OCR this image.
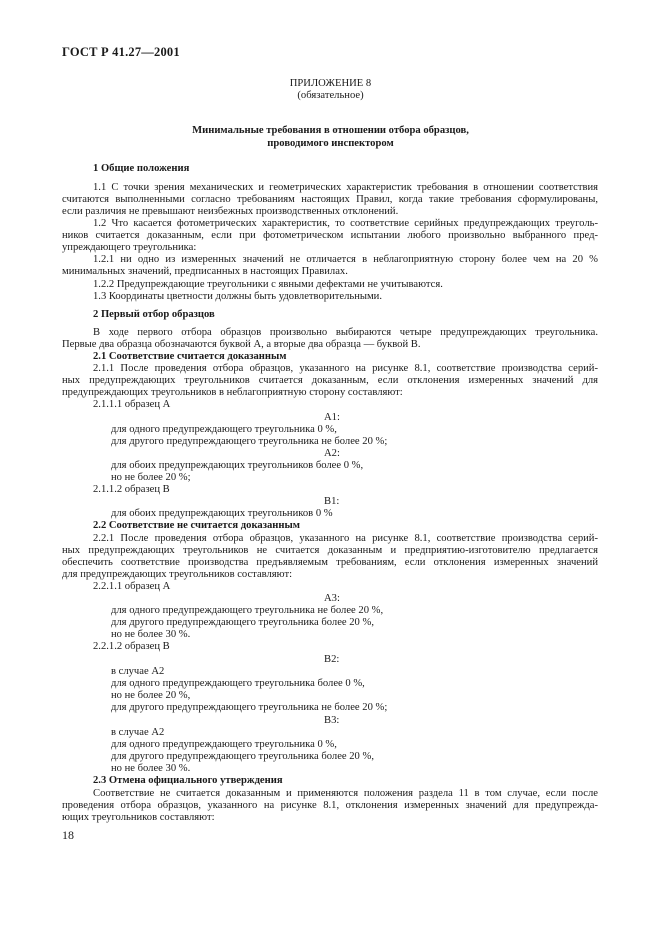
ГОСТ Р 41.27—2001
ПРИЛОЖЕНИЕ 8
(обязательное)
Минимальные требования в отношении отбора образцов,
проводимого инспектором
1 Общие положения
1.1 С точки зрения механических и геометрических характеристик требования в отношении соответствия
считаются выполненными согласно требованиям настоящих Правил, когда такие требования сформулированы,
если различия не превышают неизбежных производственных отклонений.
1.2 Что касается фотометрических характеристик, то соответствие серийных предупреждающих треуголь-
ников считается доказанным, если при фотометрическом испытании любого произвольно выбранного пред-
упреждающего треугольника:
1.2.1 ни одно из измеренных значений не отличается в неблагоприятную сторону более чем на 20 %
минимальных значений, предписанных в настоящих Правилах.
1.2.2 Предупреждающие треугольники с явными дефектами не учитываются.
1.3 Координаты цветности должны быть удовлетворительными.
2 Первый отбор образцов
В ходе первого отбора образцов произвольно выбираются четыре предупреждающих треугольника.
Первые два образца обозначаются буквой А, а вторые два образца — буквой В.
2.1 Соответствие считается доказанным
2.1.1 После проведения отбора образцов, указанного на рисунке 8.1, соответствие производства серий-
ных предупреждающих треугольников считается доказанным, если отклонения измеренных значений для
предупреждающих треугольников в неблагоприятную сторону составляют:
2.1.1.1 образец А
А1:
для одного предупреждающего треугольника 0 %,
для другого предупреждающего треугольника не более 20 %;
А2:
для обоих предупреждающих треугольников более 0 %,
но не более 20 %;
2.1.1.2 образец В
В1:
для обоих предупреждающих треугольников 0 %
2.2 Соответствие не считается доказанным
2.2.1 После проведения отбора образцов, указанного на рисунке 8.1, соответствие производства серий-
ных предупреждающих треугольников не считается доказанным и предприятию-изготовителю предлагается
обеспечить соответствие производства предъявляемым требованиям, если отклонения измеренных значений
для предупреждающих треугольников составляют:
2.2.1.1 образец А
А3:
для одного предупреждающего треугольника не более 20 %,
для другого предупреждающего треугольника более 20 %,
но не более 30 %.
2.2.1.2 образец В
В2:
в случае А2
для одного предупреждающего треугольника более 0 %,
но не более 20 %,
для другого предупреждающего треугольника не более 20 %;
В3:
в случае А2
для одного предупреждающего треугольника 0 %,
для другого предупреждающего треугольника более 20 %,
но не более 30 %.
2.3 Отмена официального утверждения
Соответствие не считается доказанным и применяются положения раздела 11 в том случае, если после
проведения отбора образцов, указанного на рисунке 8.1, отклонения измеренных значений для предупрежда-
ющих треугольников составляют:
18
